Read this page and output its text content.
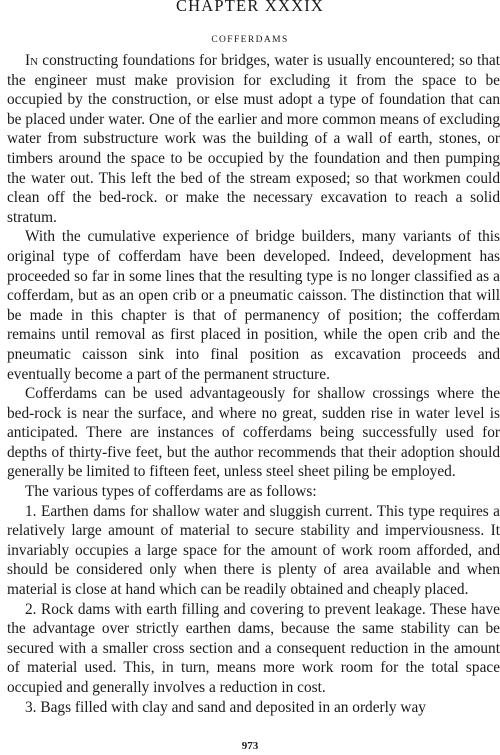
CHAPTER XXXIX
COFFERDAMS

In constructing foundations for bridges, water is usually encountered; so that the engineer must make provision for excluding it from the space to be occupied by the construction, or else must adopt a type of foundation that can be placed under water. One of the earlier and more common means of excluding water from substructure work was the building of a wall of earth, stones, or timbers around the space to be occupied by the foundation and then pumping the water out. This left the bed of the stream exposed; so that workmen could clean off the bed-rock. or make the necessary excavation to reach a solid stratum.

With the cumulative experience of bridge builders, many variants of this original type of cofferdam have been developed. Indeed, development has proceeded so far in some lines that the resulting type is no longer classified as a cofferdam, but as an open crib or a pneumatic caisson. The distinction that will be made in this chapter is that of permanency of position; the cofferdam remains until removal as first placed in position, while the open crib and the pneumatic caisson sink into final position as excavation proceeds and eventually become a part of the permanent structure.

Cofferdams can be used advantageously for shallow crossings where the bed-rock is near the surface, and where no great, sudden rise in water level is anticipated. There are instances of cofferdams being successfully used for depths of thirty-five feet, but the author recommends that their adoption should generally be limited to fifteen feet, unless steel sheet piling be employed.

The various types of cofferdams are as follows:

1. Earthen dams for shallow water and sluggish current. This type requires a relatively large amount of material to secure stability and imperviousness. It invariably occupies a large space for the amount of work room afforded, and should be considered only when there is plenty of area available and when material is close at hand which can be readily obtained and cheaply placed.

2. Rock dams with earth filling and covering to prevent leakage. These have the advantage over strictly earthen dams, because the same stability can be secured with a smaller cross section and a consequent reduction in the amount of material used. This, in turn, means more work room for the total space occupied and generally involves a reduction in cost.

3. Bags filled with clay and sand and deposited in an orderly way

973
